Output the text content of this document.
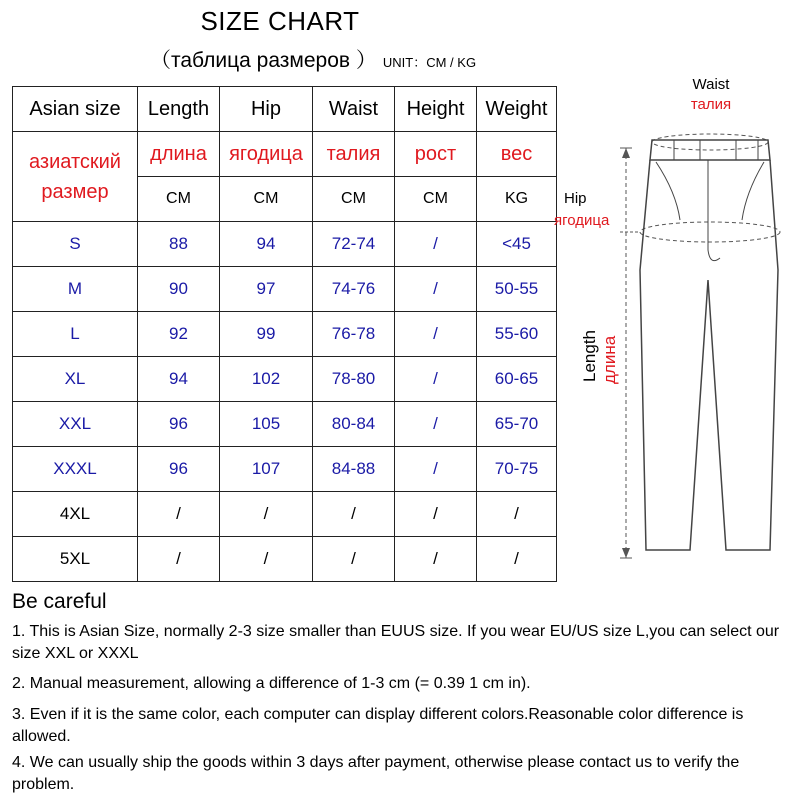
SIZE CHART
（таблица размеров ） UNIT：CM / KG
Asian size	Length	Hip	Waist	Height	Weight
азиатский размер	длина	ягодица	талия	рост	вес
	CM	CM	CM	CM	KG
S	88	94	72-74	/	<45
M	90	97	74-76	/	50-55
L	92	99	76-78	/	55-60
XL	94	102	78-80	/	60-65
XXL	96	105	80-84	/	65-70
XXXL	96	107	84-88	/	70-75
4XL	/	/	/	/	/
5XL	/	/	/	/	/
Waist
талия
Hip
ягодица
Length длина
Be careful
1. This is Asian Size, normally 2-3 size smaller than EUUS size. If you wear EU/US size L,you can select our size XXL or XXXL
2. Manual measurement, allowing a difference of 1-3 cm (= 0.39 1 cm in).
3. Even if it is the same color, each computer can display different colors.Reasonable color difference is allowed.
4. We can usually ship the goods within 3 days after payment, otherwise please contact us to verify the problem.
